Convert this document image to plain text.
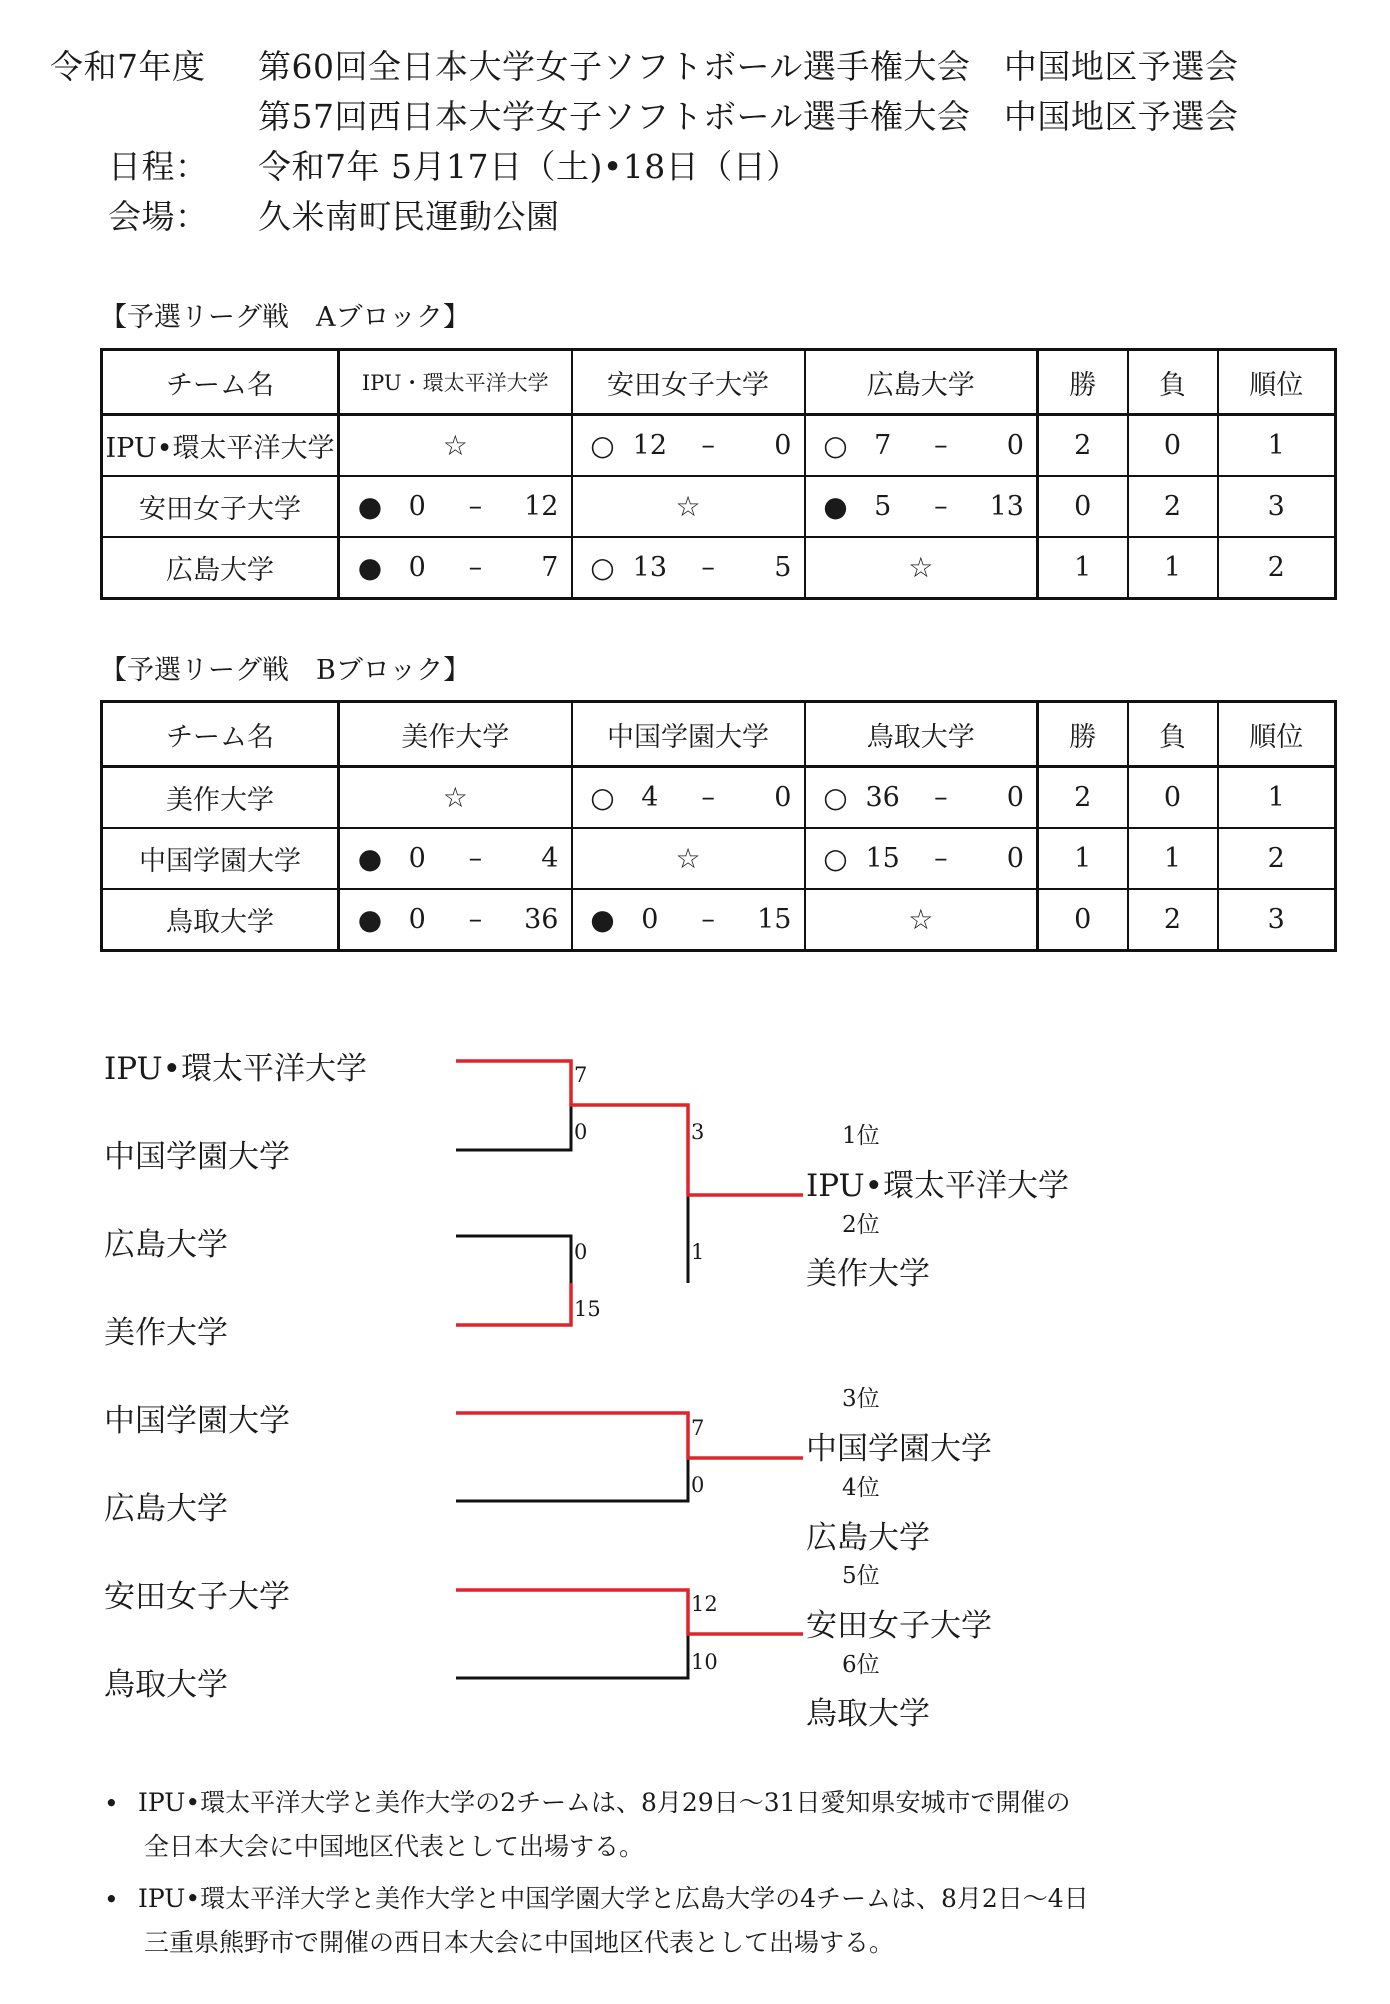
令和7年度 第60回全日本大学女子ソフトボール選手権大会　中国地区予選会
第57回西日本大学女子ソフトボール選手権大会　中国地区予選会
日程： 令和7年 5月17日（土)•18日（日）
会場： 久米南町民運動公園
【予選リーグ戦　Aブロック】
チーム名	IPU・環太平洋大学	安田女子大学	広島大学	勝	負	順位
IPU•環太平洋大学	☆	○ 12 – 0	○ 7 – 0	2	0	1
安田女子大学	● 0 – 12	☆	● 5 – 13	0	2	3
広島大学	● 0 – 7	○ 13 – 5	☆	1	1	2
【予選リーグ戦　Bブロック】
チーム名	美作大学	中国学園大学	鳥取大学	勝	負	順位
美作大学	☆	○ 4 – 0	○ 36 – 0	2	0	1
中国学園大学	● 0 – 4	☆	○ 15 – 0	1	1	2
鳥取大学	● 0 – 36	● 0 – 15	☆	0	2	3
IPU•環太平洋大学
中国学園大学
広島大学
美作大学
中国学園大学
広島大学
安田女子大学
鳥取大学
7
0
0
15
3
1
7
0
12
10
1位
IPU•環太平洋大学
2位
美作大学
3位
中国学園大学
4位
広島大学
5位
安田女子大学
6位
鳥取大学
• IPU•環太平洋大学と美作大学の2チームは、8月29日～31日愛知県安城市で開催の
全日本大会に中国地区代表として出場する。
• IPU•環太平洋大学と美作大学と中国学園大学と広島大学の4チームは、8月2日～4日
三重県熊野市で開催の西日本大会に中国地区代表として出場する。
